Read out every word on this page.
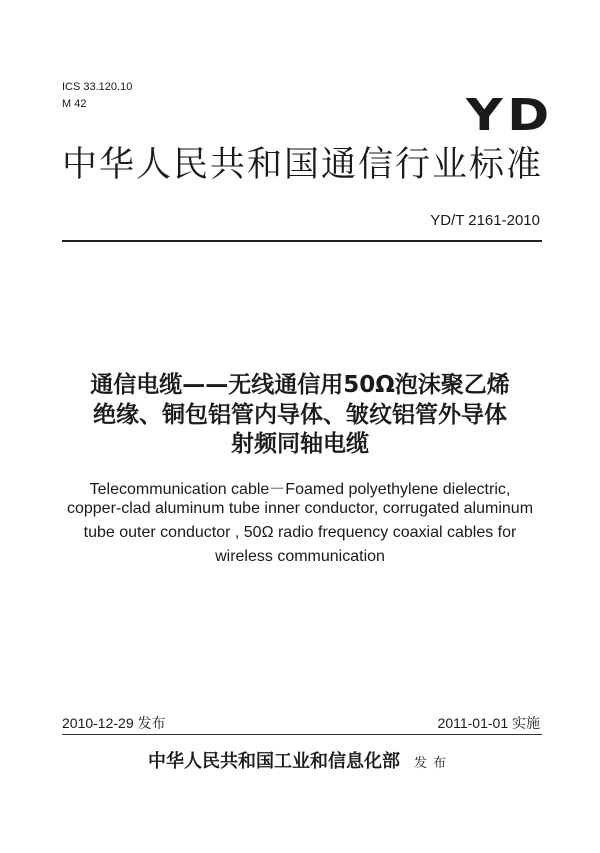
ICS 33.120.10
M 42	YD
中华人民共和国通信行业标准
YD/T 2161-2010
通信电缆——无线通信用50Ω泡沫聚乙烯
绝缘、铜包铝管内导体、皱纹铝管外导体
射频同轴电缆
Telecommunication cable－Foamed polyethylene dielectric,
copper-clad aluminum tube inner conductor, corrugated aluminum
tube outer conductor , 50Ω radio frequency coaxial cables for
wireless communication
2010-12-29 发布	2011-01-01 实施
中华人民共和国工业和信息化部 发布
